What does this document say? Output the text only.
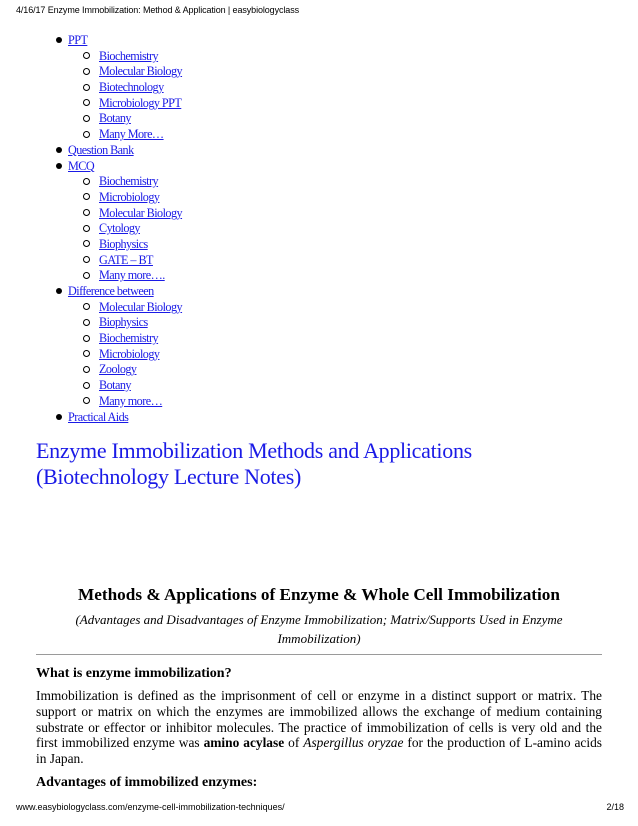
4/16/17 Enzyme Immobilization: Method & Application | easybiologyclass
PPT
Biochemistry
Molecular Biology
Biotechnology
Microbiology PPT
Botany
Many More…
Question Bank
MCQ
Biochemistry
Microbiology
Molecular Biology
Cytology
Biophysics
GATE – BT
Many more….
Difference between
Molecular Biology
Biophysics
Biochemistry
Microbiology
Zoology
Botany
Many more…
Practical Aids
Enzyme Immobilization Methods and Applications (Biotechnology Lecture Notes)
Methods & Applications of Enzyme & Whole Cell Immobilization
(Advantages and Disadvantages of Enzyme Immobilization; Matrix/Supports Used in Enzyme Immobilization)
What is enzyme immobilization?

Immobilization is defined as the imprisonment of cell or enzyme in a distinct support or matrix. The support or matrix on which the enzymes are immobilized allows the exchange of medium containing substrate or effector or inhibitor molecules. The practice of immobilization of cells is very old and the first immobilized enzyme was amino acylase of Aspergillus oryzae for the production of L-amino acids in Japan.

Advantages of immobilized enzymes:
www.easybiologyclass.com/enzyme-cell-immobilization-techniques/	2/18
